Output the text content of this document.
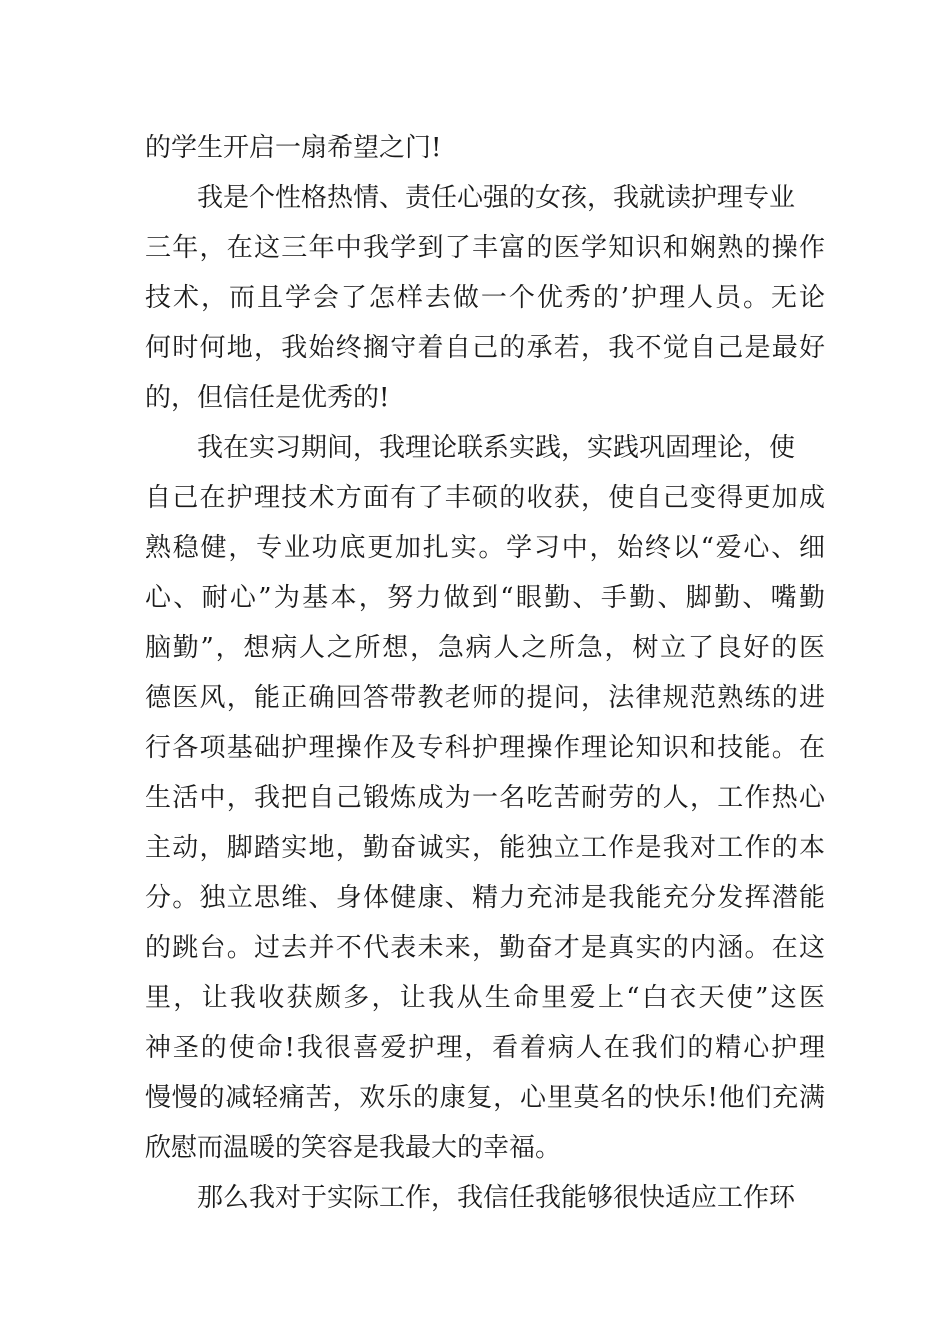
的学生开启一扇希望之门!
我是个性格热情、责任心强的女孩，我就读护理专业
三年，在这三年中我学到了丰富的医学知识和娴熟的操作
技术，而且学会了怎样去做一个优秀的’护理人员。无论
何时何地，我始终搁守着自己的承若，我不觉自己是最好
的，但信任是优秀的!
我在实习期间，我理论联系实践，实践巩固理论，使
自己在护理技术方面有了丰硕的收获，使自己变得更加成
熟稳健，专业功底更加扎实。学习中，始终以“爱心、细
心、耐心”为基本，努力做到“眼勤、手勤、脚勤、嘴勤
脑勤”，想病人之所想，急病人之所急，树立了良好的医
德医风，能正确回答带教老师的提问，法律规范熟练的进
行各项基础护理操作及专科护理操作理论知识和技能。在
生活中，我把自己锻炼成为一名吃苦耐劳的人，工作热心
主动，脚踏实地，勤奋诚实，能独立工作是我对工作的本
分。独立思维、身体健康、精力充沛是我能充分发挥潜能
的跳台。过去并不代表未来，勤奋才是真实的内涵。在这
里，让我收获颇多，让我从生命里爱上“白衣天使”这医
神圣的使命!我很喜爱护理，看着病人在我们的精心护理
慢慢的减轻痛苦，欢乐的康复，心里莫名的快乐!他们充满
欣慰而温暖的笑容是我最大的幸福。
那么我对于实际工作，我信任我能够很快适应工作环
